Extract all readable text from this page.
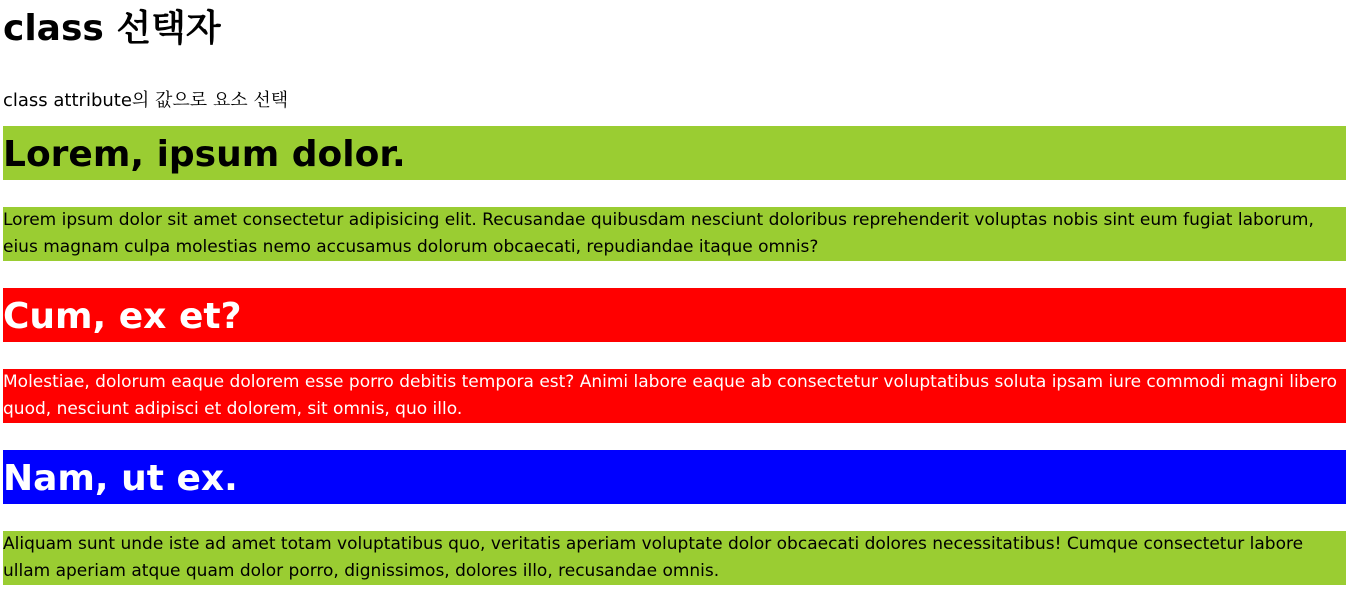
class 선택자

class attribute의 값으로 요소 선택

Lorem, ipsum dolor.

Lorem ipsum dolor sit amet consectetur adipisicing elit. Recusandae quibusdam nesciunt doloribus reprehenderit voluptas nobis sint eum fugiat laborum, eius magnam culpa molestias nemo accusamus dolorum obcaecati, repudiandae itaque omnis?

Cum, ex et?

Molestiae, dolorum eaque dolorem esse porro debitis tempora est? Animi labore eaque ab consectetur voluptatibus soluta ipsam iure commodi magni libero quod, nesciunt adipisci et dolorem, sit omnis, quo illo.

Nam, ut ex.

Aliquam sunt unde iste ad amet totam voluptatibus quo, veritatis aperiam voluptate dolor obcaecati dolores necessitatibus! Cumque consectetur labore ullam aperiam atque quam dolor porro, dignissimos, dolores illo, recusandae omnis.
